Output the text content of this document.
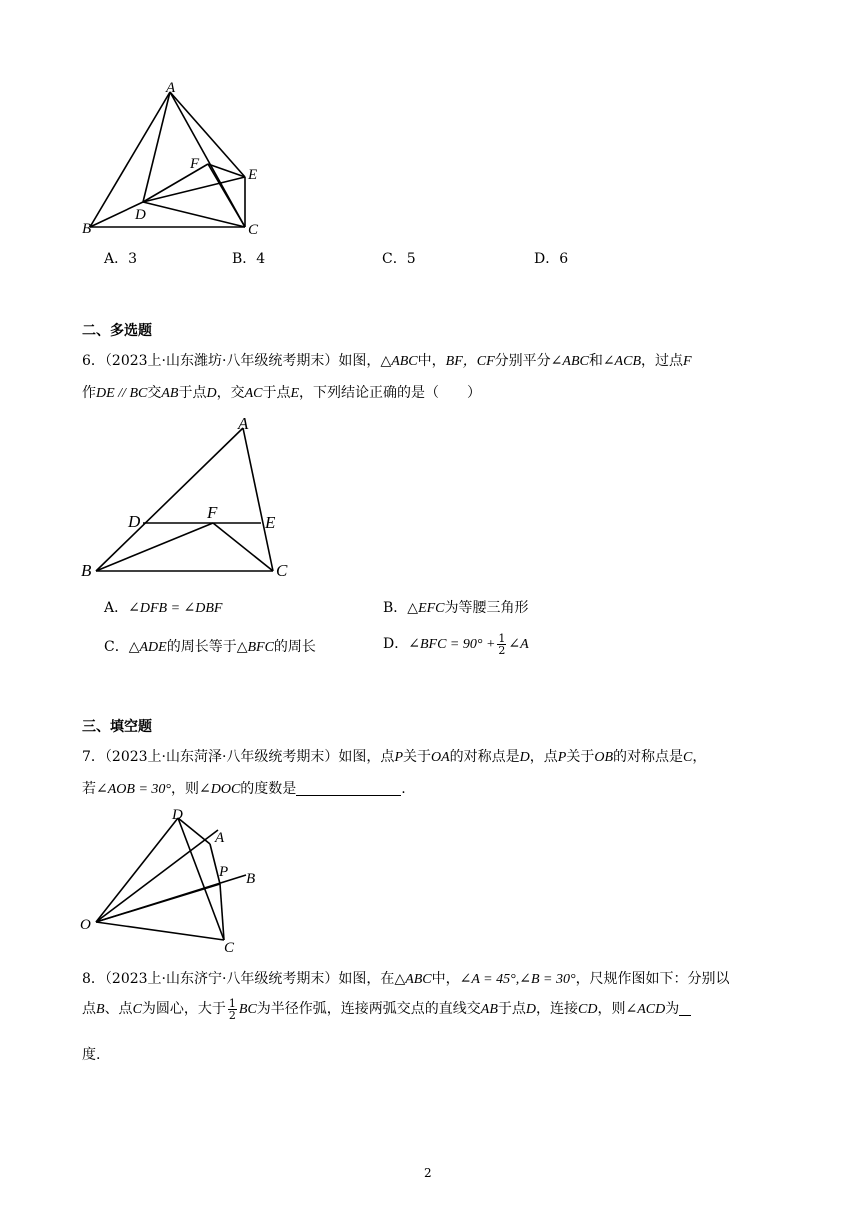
A
B	C
D
E
F
A．3	B．4	C．5	D．6
二、多选题
6．（2023上·山东潍坊·八年级统考期末）如图，△ABC中，BF，CF分别平分∠ABC和∠ACB，过点F
作DE // BC交AB于点D，交AC于点E，下列结论正确的是（　　）
A
B	C
D	E
F
A．∠DFB = ∠DBF	B．△EFC为等腰三角形
C．△ADE的周长等于△BFC的周长	D．∠BFC = $90^\circ + \frac{1}{2}$ ∠A
三、填空题
7．（2023上·山东菏泽·八年级统考期末）如图，点P关于OA的对称点是D，点P关于OB的对称点是C，
若∠AOB = 30°，则∠DOC的度数是	.
O
D
A
P B
C
8．（2023上·山东济宁·八年级统考期末）如图，在△ABC中，∠A = 45°,∠B = 30°，尺规作图如下：分别以
点B、点C为圆心，大于 $\frac{1}{2}$ BC为半径作弧，连接两弧交点的直线交AB于点D，连接CD，则∠ACD为
度.
2
